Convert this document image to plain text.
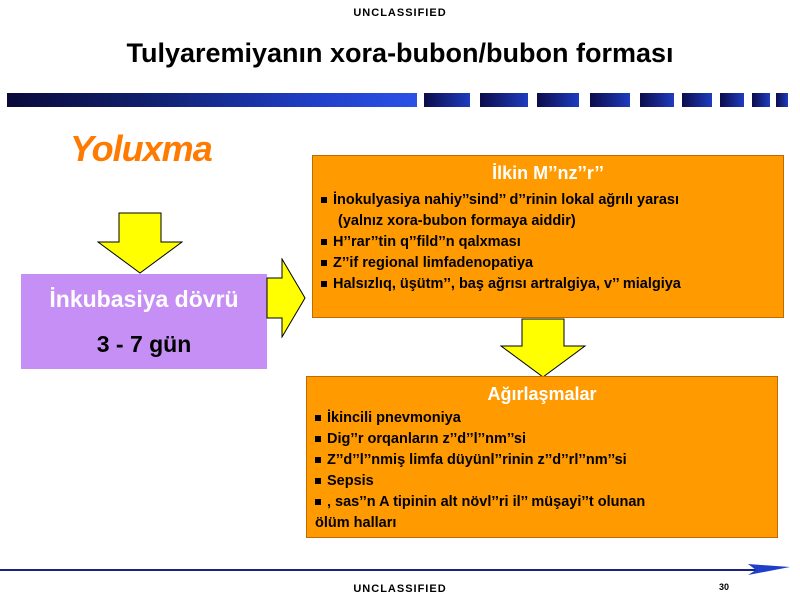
UNCLASSIFIED
Tulyaremiyanın xora-bubon/bubon forması
Yoluxma
İnkubasiya dövrü
3 - 7 gün
İlkin M’’nz’’r’’
İnokulyasiya nahiy’’sind’’ d’’rinin lokal ağrılı yarası
(yalnız xora-bubon formaya aiddir)
H’’rar’’tin q’’fild’’n qalxması
Z’’if regional limfadenopatiya
Halsızlıq, üşütm’’, baş ağrısı artralgiya, v’’ mialgiya
Ağırlaşmalar
İkincili pnevmoniya
Dig’’r orqanların z’’d’’l’’nm’’si
Z’’d’’l’’nmiş limfa düyünl’’rinin z’’d’’rl’’nm’’si
Sepsis
‚ sas’’n A tipinin alt növl’’ri il’’ müşayi’’t olunan
ölüm halları
30
UNCLASSIFIED
